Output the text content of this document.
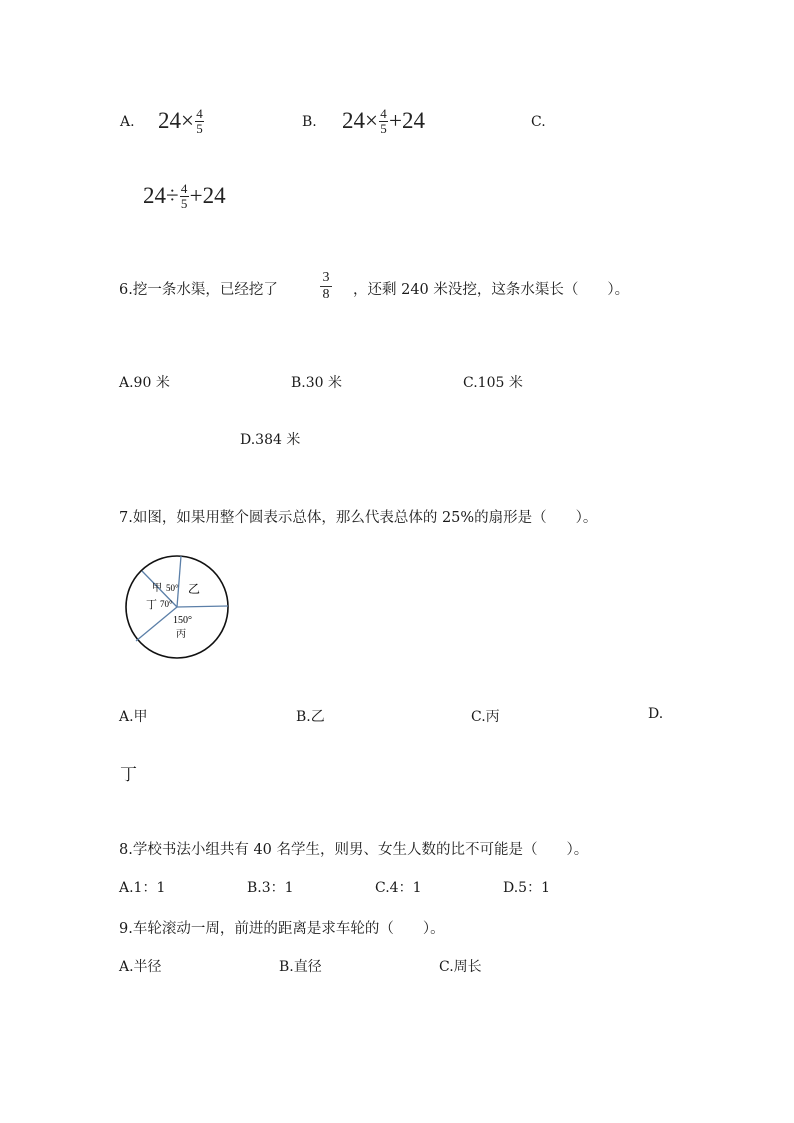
A. $24\times \frac{4}{5}$	B. $24\times \frac{4}{5} +24$	C.
$24\div \frac{4}{5} +24$
6.挖一条水渠，已经挖了
3
8 ，还剩 240 米没挖，这条水渠长（　　）。
A.90 米	B.30 米	C.105 米
D.384 米
7.如图，如果用整个圆表示总体，那么代表总体的 25%的扇形是（　　）。
甲 50° 乙
丁 70°
150°
丙
A.甲	B.乙	C.丙	D.
丁
8.学校书法小组共有 40 名学生，则男、女生人数的比不可能是（　　）。
A.1：1	B.3：1	C.4：1	D.5：1
9.车轮滚动一周，前进的距离是求车轮的（　　）。
A.半径	B.直径	C.周长
